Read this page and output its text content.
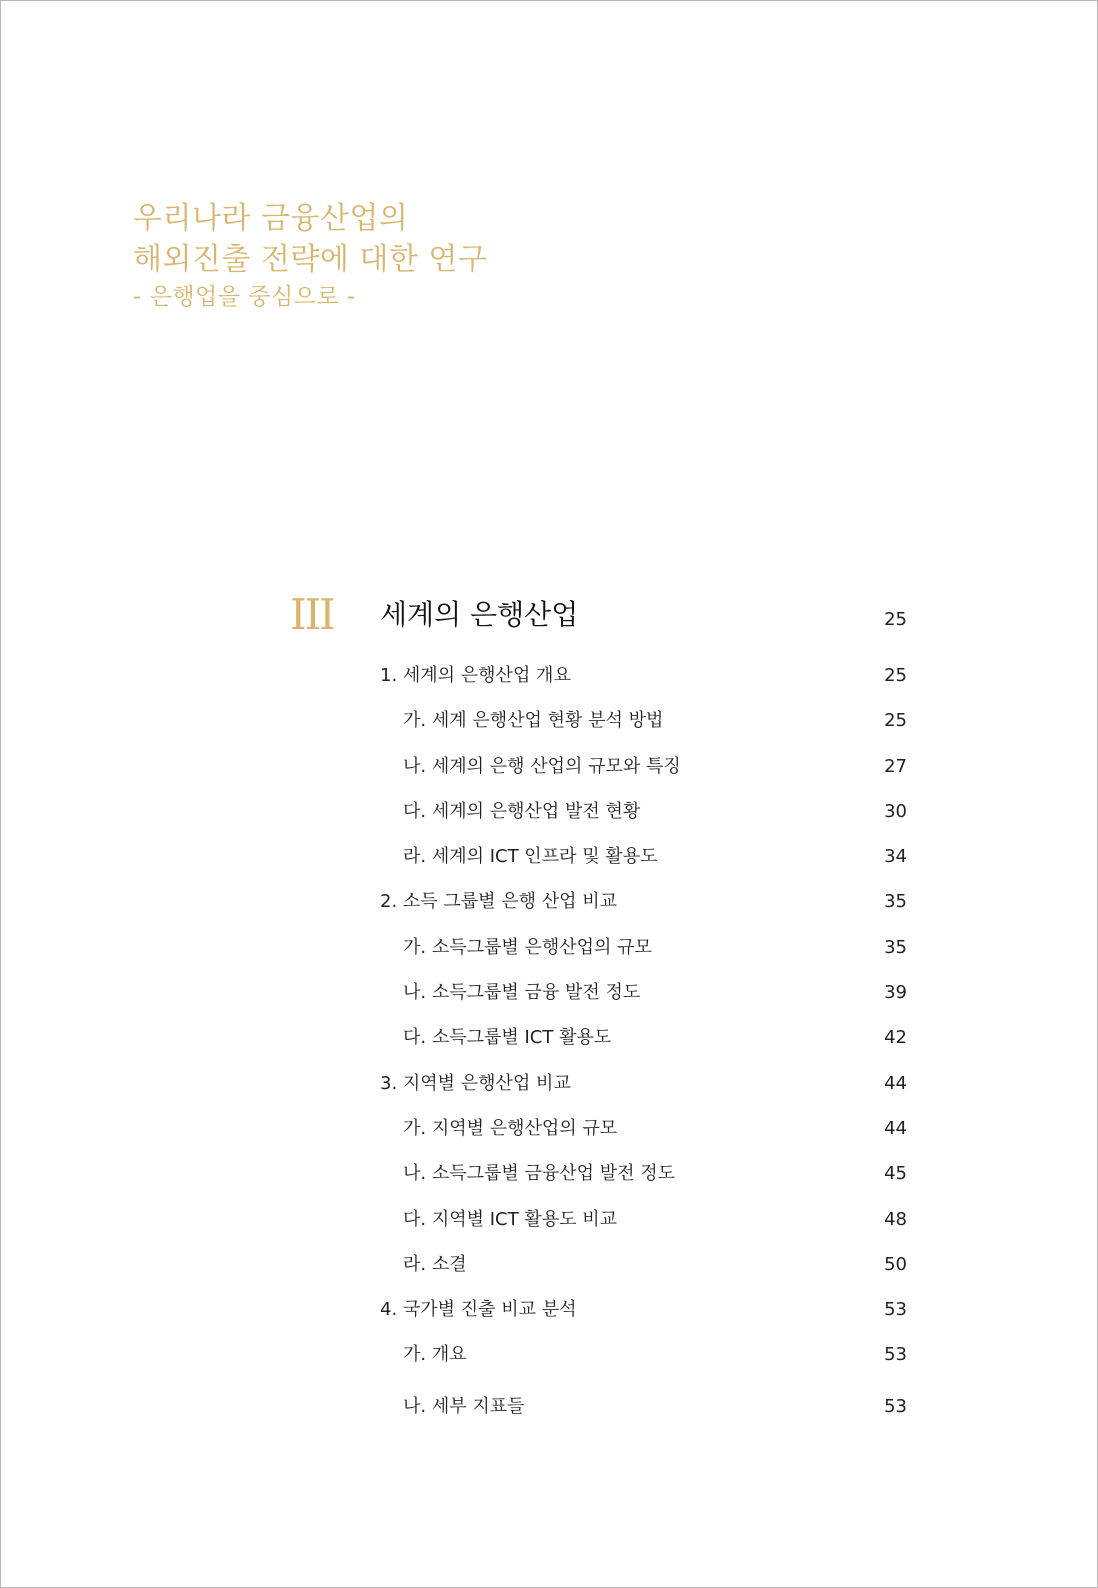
우리나라 금융산업의
해외진출 전략에 대한 연구
- 은행업을 중심으로 -
III 세계의 은행산업	25
1. 세계의 은행산업 개요	25
가. 세계 은행산업 현황 분석 방법	25
나. 세계의 은행 산업의 규모와 특징	27
다. 세계의 은행산업 발전 현황	30
라. 세계의 ICT 인프라 및 활용도	34
2. 소득 그룹별 은행 산업 비교	35
가. 소득그룹별 은행산업의 규모	35
나. 소득그룹별 금융 발전 정도	39
다. 소득그룹별 ICT 활용도	42
3. 지역별 은행산업 비교	44
가. 지역별 은행산업의 규모	44
나. 소득그룹별 금융산업 발전 정도	45
다. 지역별 ICT 활용도 비교	48
라. 소결	50
4. 국가별 진출 비교 분석	53
가. 개요	53
나. 세부 지표들	53
